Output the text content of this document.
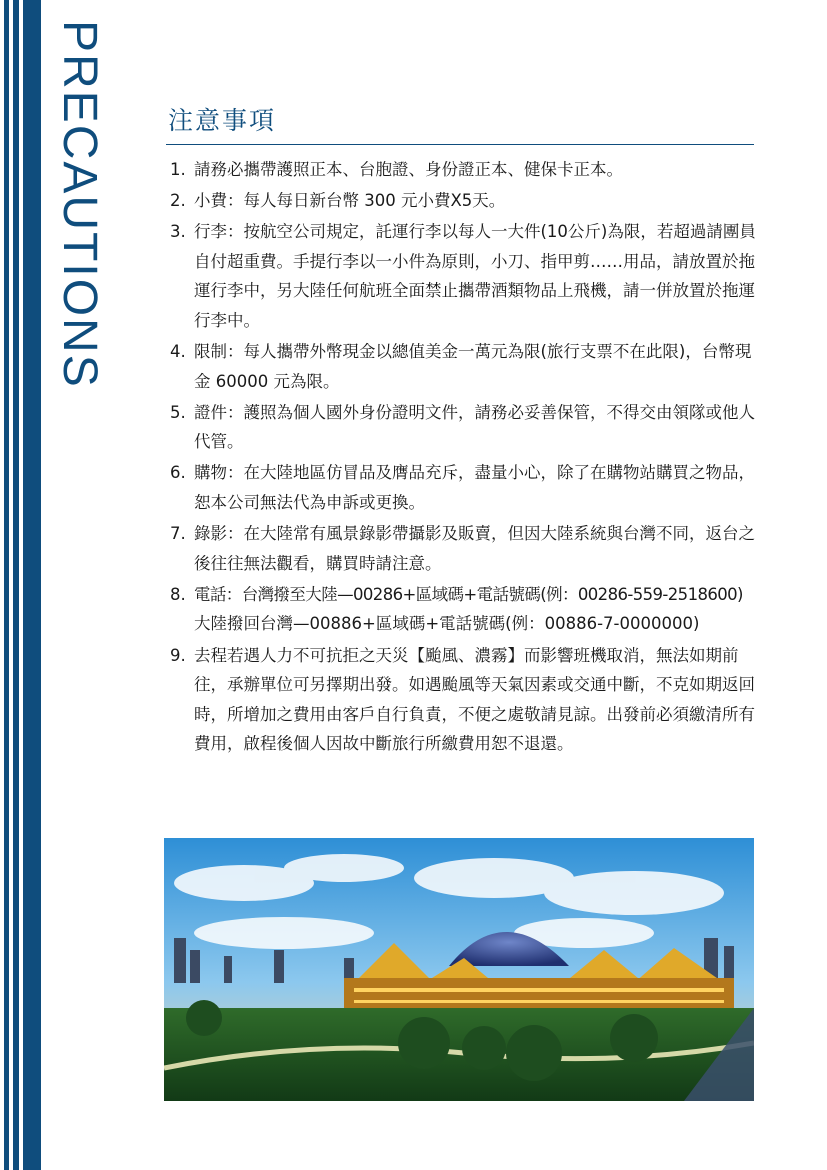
PRECAUTIONS 注意事項
1. 請務必攜帶護照正本、台胞證、身份證正本、健保卡正本。
2. 小費：每人每日新台幣 300 元小費X5天。
3. 行李：按航空公司規定，託運行李以每人一大件(10公斤)為限，若超過請團員自付超重費。手提行李以一小件為原則，小刀、指甲剪……用品，請放置於拖運行李中，另大陸任何航班全面禁止攜帶酒類物品上飛機，請一併放置於拖運行李中。
4. 限制：每人攜帶外幣現金以總值美金一萬元為限(旅行支票不在此限)，台幣現金 60000 元為限。
5. 證件：護照為個人國外身份證明文件，請務必妥善保管，不得交由領隊或他人代管。
6. 購物：在大陸地區仿冒品及膺品充斥，盡量小心，除了在購物站購買之物品，恕本公司無法代為申訴或更換。
7. 錄影：在大陸常有風景錄影帶攝影及販賣，但因大陸系統與台灣不同，返台之後往往無法觀看，購買時請注意。
8. 電話：台灣撥至大陸—00286+區域碼+電話號碼(例：00286-559-2518600)
大陸撥回台灣—00886+區域碼+電話號碼(例：00886-7-0000000)
9. 去程若遇人力不可抗拒之天災【颱風、濃霧】而影響班機取消，無法如期前往，承辦單位可另擇期出發。如遇颱風等天氣因素或交通中斷，不克如期返回時，所增加之費用由客戶自行負責，不便之處敬請見諒。出發前必須繳清所有費用，啟程後個人因故中斷旅行所繳費用恕不退還。
